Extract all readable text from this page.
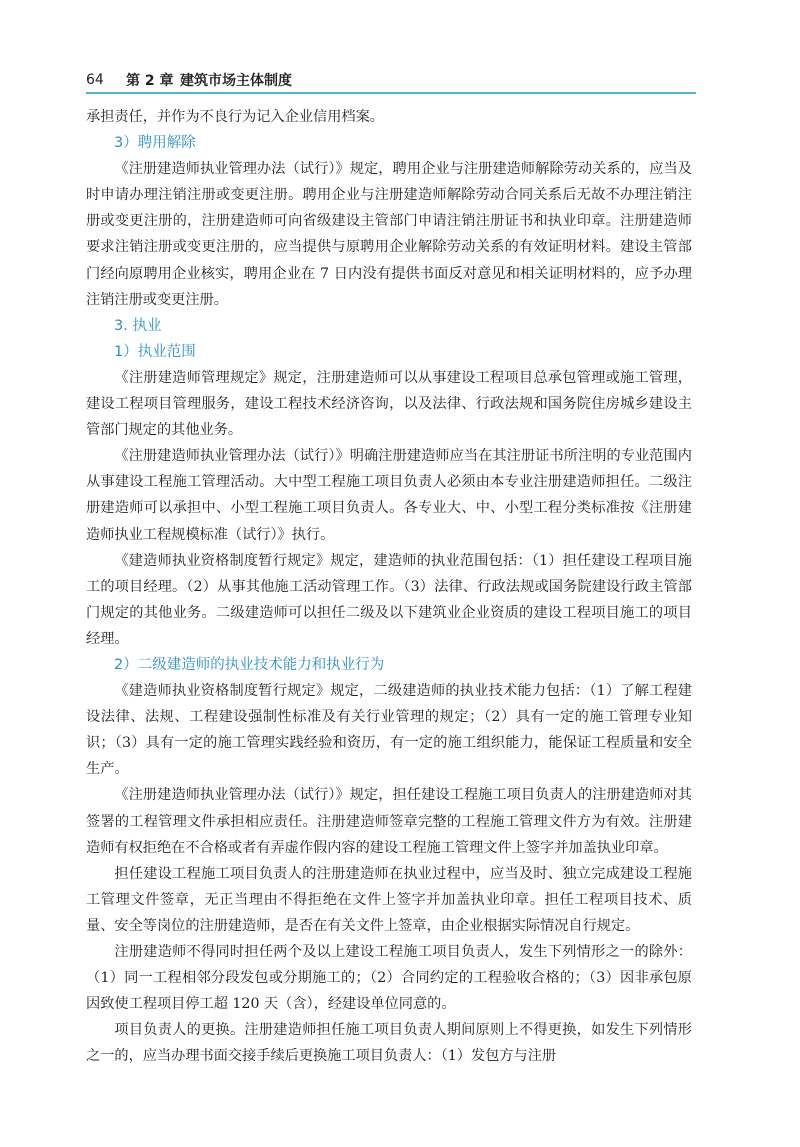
64 第 2 章 建筑市场主体制度

承担责任，并作为不良行为记入企业信用档案。

3）聘用解除

《注册建造师执业管理办法（试行）》规定，聘用企业与注册建造师解除劳动关系的，应当及时申请办理注销注册或变更注册。聘用企业与注册建造师解除劳动合同关系后无故不办理注销注册或变更注册的，注册建造师可向省级建设主管部门申请注销注册证书和执业印章。注册建造师要求注销注册或变更注册的，应当提供与原聘用企业解除劳动关系的有效证明材料。建设主管部门经向原聘用企业核实，聘用企业在 7 日内没有提供书面反对意见和相关证明材料的，应予办理注销注册或变更注册。

3. 执业

1）执业范围

《注册建造师管理规定》规定，注册建造师可以从事建设工程项目总承包管理或施工管理，建设工程项目管理服务，建设工程技术经济咨询，以及法律、行政法规和国务院住房城乡建设主管部门规定的其他业务。

《注册建造师执业管理办法（试行）》明确注册建造师应当在其注册证书所注明的专业范围内从事建设工程施工管理活动。大中型工程施工项目负责人必须由本专业注册建造师担任。二级注册建造师可以承担中、小型工程施工项目负责人。各专业大、中、小型工程分类标准按《注册建造师执业工程规模标准（试行）》执行。

《建造师执业资格制度暂行规定》规定，建造师的执业范围包括：（1）担任建设工程项目施工的项目经理。（2）从事其他施工活动管理工作。（3）法律、行政法规或国务院建设行政主管部门规定的其他业务。二级建造师可以担任二级及以下建筑业企业资质的建设工程项目施工的项目经理。

2）二级建造师的执业技术能力和执业行为

《建造师执业资格制度暂行规定》规定，二级建造师的执业技术能力包括：（1）了解工程建设法律、法规、工程建设强制性标准及有关行业管理的规定；（2）具有一定的施工管理专业知识；（3）具有一定的施工管理实践经验和资历，有一定的施工组织能力，能保证工程质量和安全生产。

《注册建造师执业管理办法（试行）》规定，担任建设工程施工项目负责人的注册建造师对其签署的工程管理文件承担相应责任。注册建造师签章完整的工程施工管理文件方为有效。注册建造师有权拒绝在不合格或者有弄虚作假内容的建设工程施工管理文件上签字并加盖执业印章。

担任建设工程施工项目负责人的注册建造师在执业过程中，应当及时、独立完成建设工程施工管理文件签章，无正当理由不得拒绝在文件上签字并加盖执业印章。担任工程项目技术、质量、安全等岗位的注册建造师，是否在有关文件上签章，由企业根据实际情况自行规定。

注册建造师不得同时担任两个及以上建设工程施工项目负责人，发生下列情形之一的除外：（1）同一工程相邻分段发包或分期施工的；（2）合同约定的工程验收合格的；（3）因非承包原因致使工程项目停工超 120 天（含），经建设单位同意的。

项目负责人的更换。注册建造师担任施工项目负责人期间原则上不得更换，如发生下列情形之一的，应当办理书面交接手续后更换施工项目负责人：（1）发包方与注册
